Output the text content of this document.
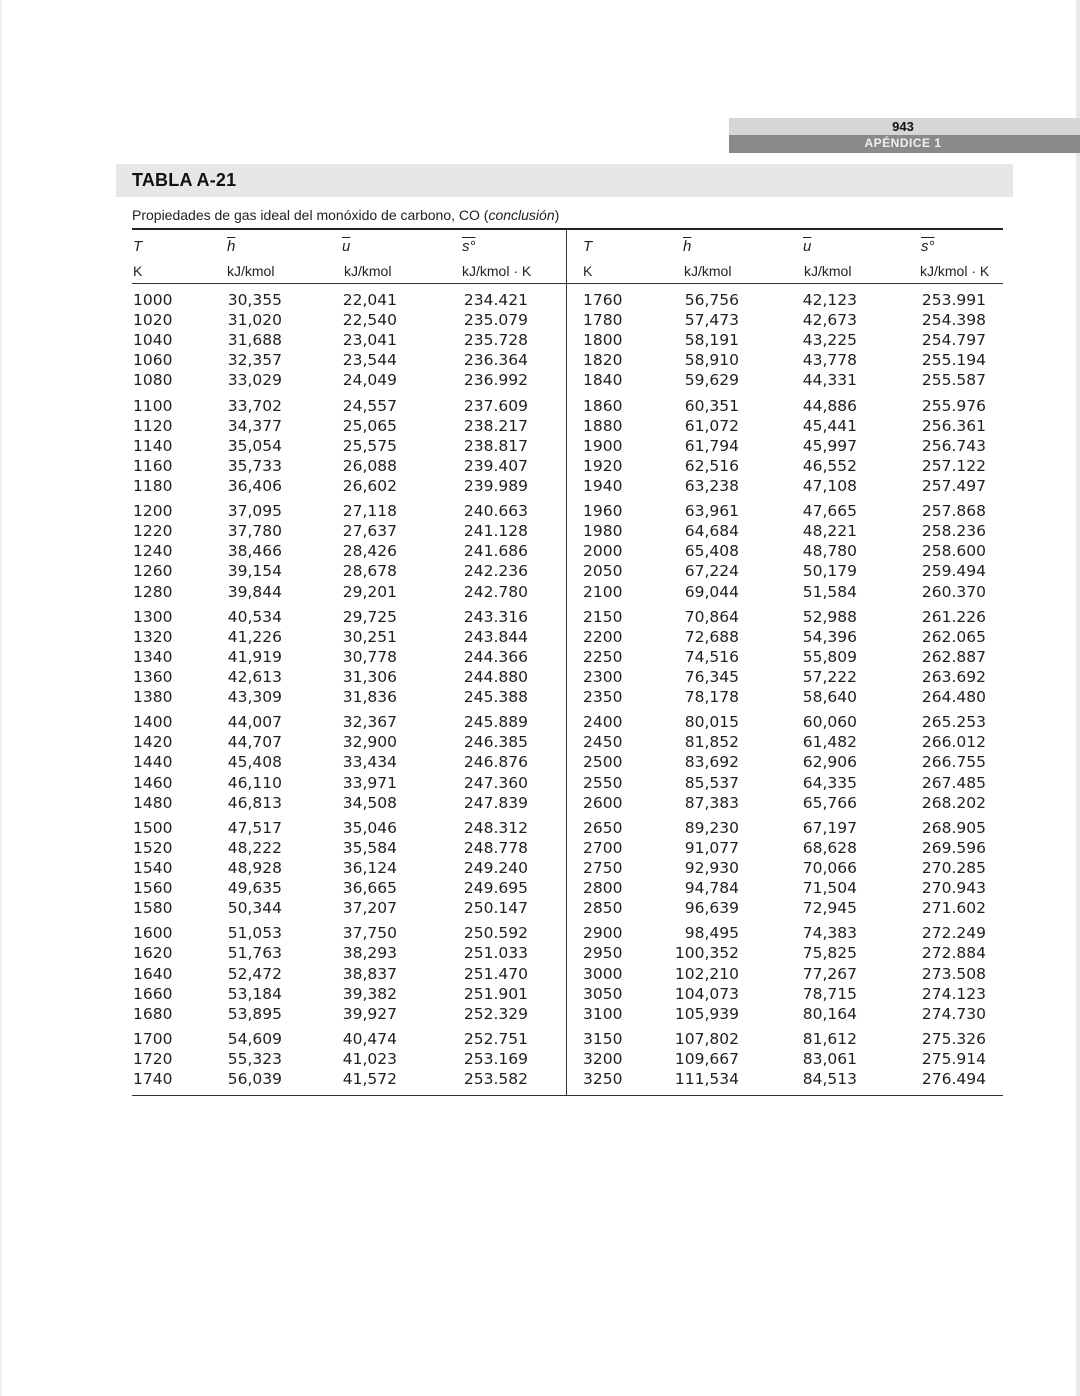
943
APÉNDICE 1
TABLA A-21
Propiedades de gas ideal del monóxido de carbono, CO (conclusión)
T	$\overline{h}$	$\overline{u}$	s°
K	kJ/kmol	kJ/kmol	kJ/kmol · K
T	$\overline{h}$	$\overline{u}$	s°
K	kJ/kmol	kJ/kmol	kJ/kmol · K
1000	30,355	22,041	234.421
1020	31,020	22,540	235.079
1040	31,688	23,041	235.728
1060	32,357	23,544	236.364
1080	33,029	24,049	236.992
1100	33,702	24,557	237.609
1120	34,377	25,065	238.217
1140	35,054	25,575	238.817
1160	35,733	26,088	239.407
1180	36,406	26,602	239.989
1200	37,095	27,118	240.663
1220	37,780	27,637	241.128
1240	38,466	28,426	241.686
1260	39,154	28,678	242.236
1280	39,844	29,201	242.780
1300	40,534	29,725	243.316
1320	41,226	30,251	243.844
1340	41,919	30,778	244.366
1360	42,613	31,306	244.880
1380	43,309	31,836	245.388
1400	44,007	32,367	245.889
1420	44,707	32,900	246.385
1440	45,408	33,434	246.876
1460	46,110	33,971	247.360
1480	46,813	34,508	247.839
1500	47,517	35,046	248.312
1520	48,222	35,584	248.778
1540	48,928	36,124	249.240
1560	49,635	36,665	249.695
1580	50,344	37,207	250.147
1600	51,053	37,750	250.592
1620	51,763	38,293	251.033
1640	52,472	38,837	251.470
1660	53,184	39,382	251.901
1680	53,895	39,927	252.329
1700	54,609	40,474	252.751
1720	55,323	41,023	253.169
1740	56,039	41,572	253.582
1760	56,756	42,123	253.991
1780	57,473	42,673	254.398
1800	58,191	43,225	254.797
1820	58,910	43,778	255.194
1840	59,629	44,331	255.587
1860	60,351	44,886	255.976
1880	61,072	45,441	256.361
1900	61,794	45,997	256.743
1920	62,516	46,552	257.122
1940	63,238	47,108	257.497
1960	63,961	47,665	257.868
1980	64,684	48,221	258.236
2000	65,408	48,780	258.600
2050	67,224	50,179	259.494
2100	69,044	51,584	260.370
2150	70,864	52,988	261.226
2200	72,688	54,396	262.065
2250	74,516	55,809	262.887
2300	76,345	57,222	263.692
2350	78,178	58,640	264.480
2400	80,015	60,060	265.253
2450	81,852	61,482	266.012
2500	83,692	62,906	266.755
2550	85,537	64,335	267.485
2600	87,383	65,766	268.202
2650	89,230	67,197	268.905
2700	91,077	68,628	269.596
2750	92,930	70,066	270.285
2800	94,784	71,504	270.943
2850	96,639	72,945	271.602
2900	98,495	74,383	272.249
2950	100,352	75,825	272.884
3000	102,210	77,267	273.508
3050	104,073	78,715	274.123
3100	105,939	80,164	274.730
3150	107,802	81,612	275.326
3200	109,667	83,061	275.914
3250	111,534	84,513	276.494
